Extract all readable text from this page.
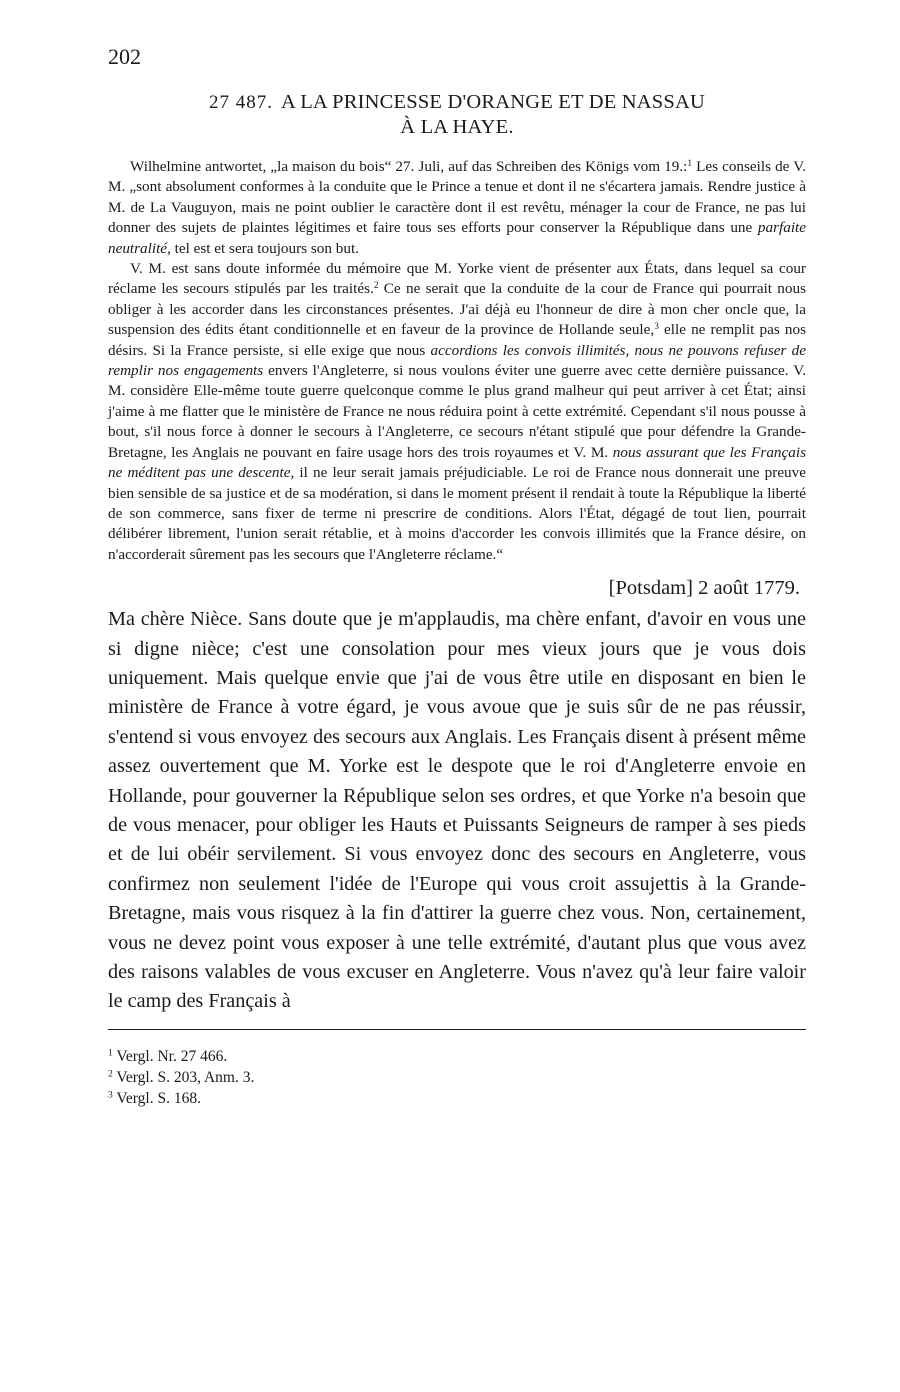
202
27 487. A LA PRINCESSE D'ORANGE ET DE NASSAU
À LA HAYE.

Wilhelmine antwortet, „la maison du bois“ 27. Juli, auf das Schreiben des Königs vom 19.:$^1$ Les conseils de V. M. „sont absolument conformes à la conduite que le Prince a tenue et dont il ne s'écartera jamais. Rendre justice à M. de La Vauguyon, mais ne point oublier le caractère dont il est revêtu, ménager la cour de France, ne pas lui donner des sujets de plaintes légitimes et faire tous ses efforts pour conserver la République dans une parfaite neutralité, tel est et sera toujours son but.

V. M. est sans doute informée du mémoire que M. Yorke vient de présenter aux États, dans lequel sa cour réclame les secours stipulés par les traités.$^2$ Ce ne serait que la conduite de la cour de France qui pourrait nous obliger à les accorder dans les circonstances présentes. J'ai déjà eu l'honneur de dire à mon cher oncle que, la suspension des édits étant conditionnelle et en faveur de la province de Hollande seule,$^3$ elle ne remplit pas nos désirs. Si la France persiste, si elle exige que nous accordions les convois illimités, nous ne pouvons refuser de remplir nos engagements envers l'Angleterre, si nous voulons éviter une guerre avec cette dernière puissance. V. M. considère Elle-même toute guerre quelconque comme le plus grand malheur qui peut arriver à cet État; ainsi j'aime à me flatter que le ministère de France ne nous réduira point à cette extrémité. Cependant s'il nous pousse à bout, s'il nous force à donner le secours à l'Angleterre, ce secours n'étant stipulé que pour défendre la Grande-Bretagne, les Anglais ne pouvant en faire usage hors des trois royaumes et V. M. nous assurant que les Français ne méditent pas une descente, il ne leur serait jamais préjudiciable. Le roi de France nous donnerait une preuve bien sensible de sa justice et de sa modération, si dans le moment présent il rendait à toute la République la liberté de son commerce, sans fixer de terme ni prescrire de conditions. Alors l'État, dégagé de tout lien, pourrait délibérer librement, l'union serait rétablie, et à moins d'accorder les convois illimités que la France désire, on n'accorderait sûrement pas les secours que l'Angleterre réclame.“

[Potsdam] 2 août 1779.

Ma chère Nièce. Sans doute que je m'applaudis, ma chère enfant, d'avoir en vous une si digne nièce; c'est une consolation pour mes vieux jours que je vous dois uniquement. Mais quelque envie que j'ai de vous être utile en disposant en bien le ministère de France à votre égard, je vous avoue que je suis sûr de ne pas réussir, s'entend si vous envoyez des secours aux Anglais. Les Français disent à présent même assez ouvertement que M. Yorke est le despote que le roi d'Angleterre envoie en Hollande, pour gouverner la République selon ses ordres, et que Yorke n'a besoin que de vous menacer, pour obliger les Hauts et Puissants Seigneurs de ramper à ses pieds et de lui obéir servilement. Si vous envoyez donc des secours en Angleterre, vous confirmez non seulement l'idée de l'Europe qui vous croit assujettis à la Grande-Bretagne, mais vous risquez à la fin d'attirer la guerre chez vous. Non, certainement, vous ne devez point vous exposer à une telle extrémité, d'autant plus que vous avez des raisons valables de vous excuser en Angleterre. Vous n'avez qu'à leur faire valoir le camp des Français à

$^1$ Vergl. Nr. 27 466.
$^2$ Vergl. S. 203, Anm. 3.
$^3$ Vergl. S. 168.
